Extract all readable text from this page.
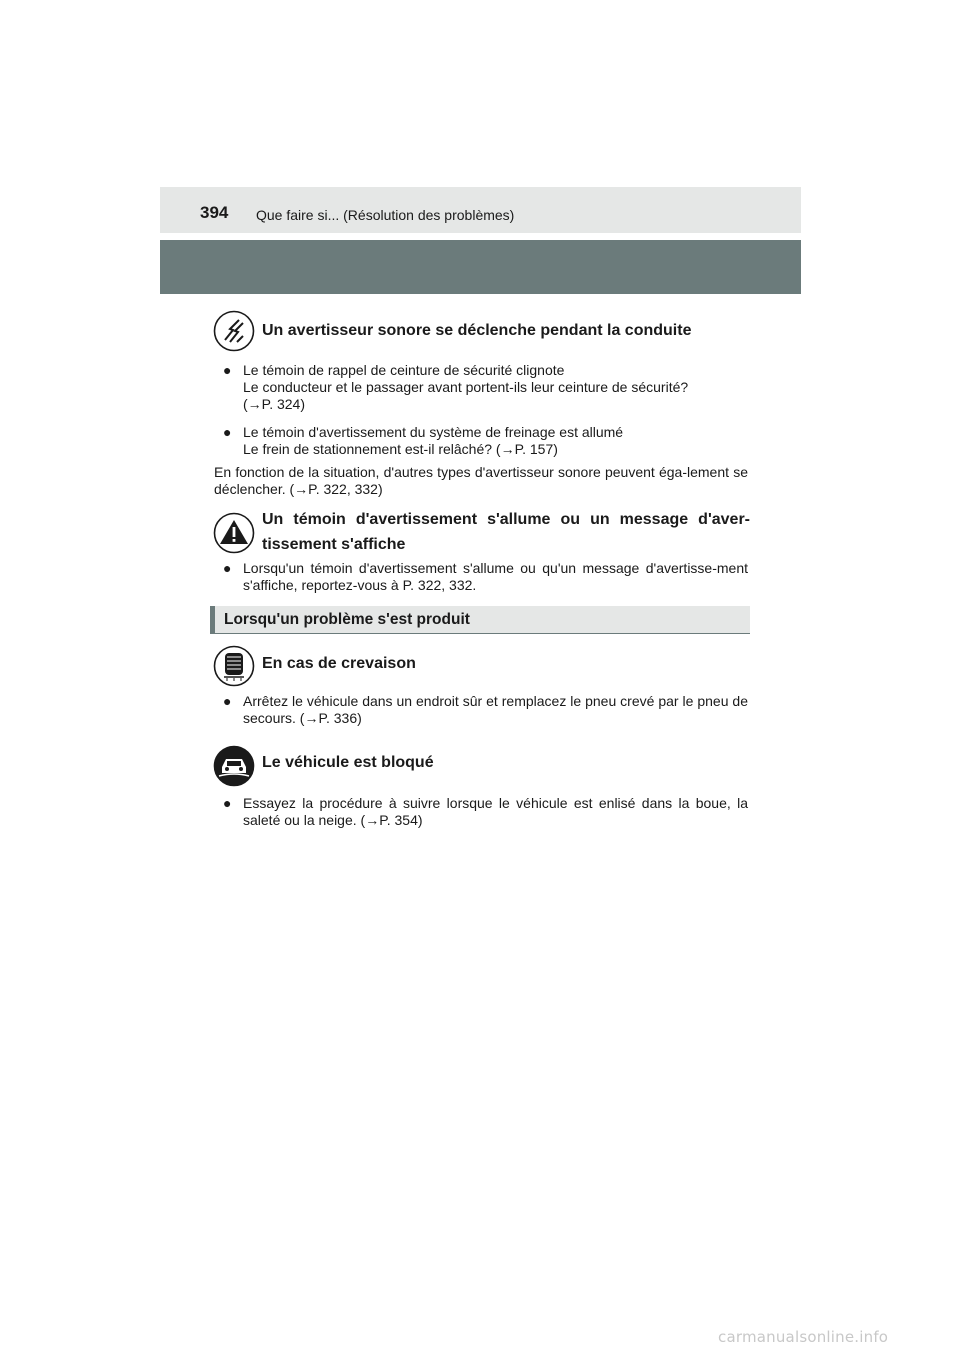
394 Que faire si... (Résolution des problèmes)
Un avertisseur sonore se déclenche pendant la conduite
● Le témoin de rappel de ceinture de sécurité clignote
Le conducteur et le passager avant portent-ils leur ceinture de sécurité?
(→P. 324)
● Le témoin d'avertissement du système de freinage est allumé
Le frein de stationnement est-il relâché? (→P. 157)
En fonction de la situation, d'autres types d'avertisseur sonore peuvent éga-lement se déclencher. (→P. 322, 332)
Un témoin d'avertissement s'allume ou un message d'aver-tissement s'affiche
● Lorsqu'un témoin d'avertissement s'allume ou qu'un message d'avertisse-ment s'affiche, reportez-vous à P. 322, 332.
Lorsqu'un problème s'est produit
En cas de crevaison
● Arrêtez le véhicule dans un endroit sûr et remplacez le pneu crevé par le pneu de secours. (→P. 336)
Le véhicule est bloqué
● Essayez la procédure à suivre lorsque le véhicule est enlisé dans la boue, la saleté ou la neige. (→P. 354)
carmanualsonline.info
